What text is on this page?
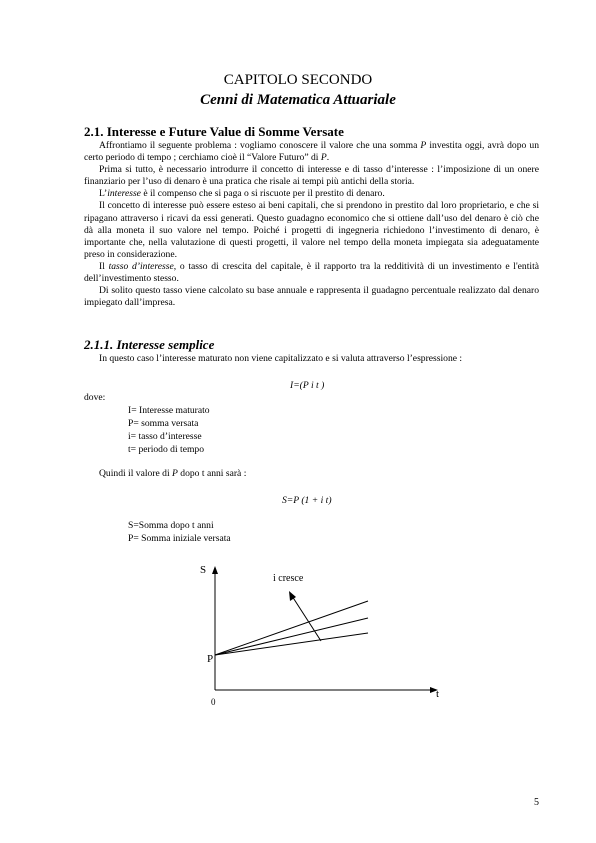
CAPITOLO SECONDO
Cenni di Matematica Attuariale
2.1. Interesse e Future Value di Somme Versate

Affrontiamo il seguente problema : vogliamo conoscere il valore che una somma P investita oggi, avrà dopo un certo periodo di tempo ; cerchiamo cioè il “Valore Futuro” di P.

Prima si tutto, è necessario introdurre il concetto di interesse e di tasso d’interesse : l’imposizione di un onere finanziario per l’uso di denaro è una pratica che risale ai tempi più antichi della storia.

L’interesse è il compenso che si paga o si riscuote per il prestito di denaro.

Il concetto di interesse può essere esteso ai beni capitali, che si prendono in prestito dal loro proprietario, e che si ripagano attraverso i ricavi da essi generati. Questo guadagno economico che si ottiene dall’uso del denaro è ciò che dà alla moneta il suo valore nel tempo. Poiché i progetti di ingegneria richiedono l’investimento di denaro, è importante che, nella valutazione di questi progetti, il valore nel tempo della moneta impiegata sia adeguatamente preso in considerazione.

Il tasso d’interesse, o tasso di crescita del capitale, è il rapporto tra la redditività di un investimento e l'entità dell’investimento stesso.

Di solito questo tasso viene calcolato su base annuale e rappresenta il guadagno percentuale realizzato dal denaro impiegato dall’impresa.

2.1.1. Interesse semplice
In questo caso l’interesse maturato non viene capitalizzato e si valuta attraverso l’espressione :
I=(P i t )
dove:
I= Interesse maturato
P= somma versata
i= tasso d’interesse
t= periodo di tempo
Quindi il valore di P dopo t anni sarà :
S=P (1 + i t)
S=Somma dopo t anni
P= Somma iniziale versata
S
t
0
P
i cresce
5
